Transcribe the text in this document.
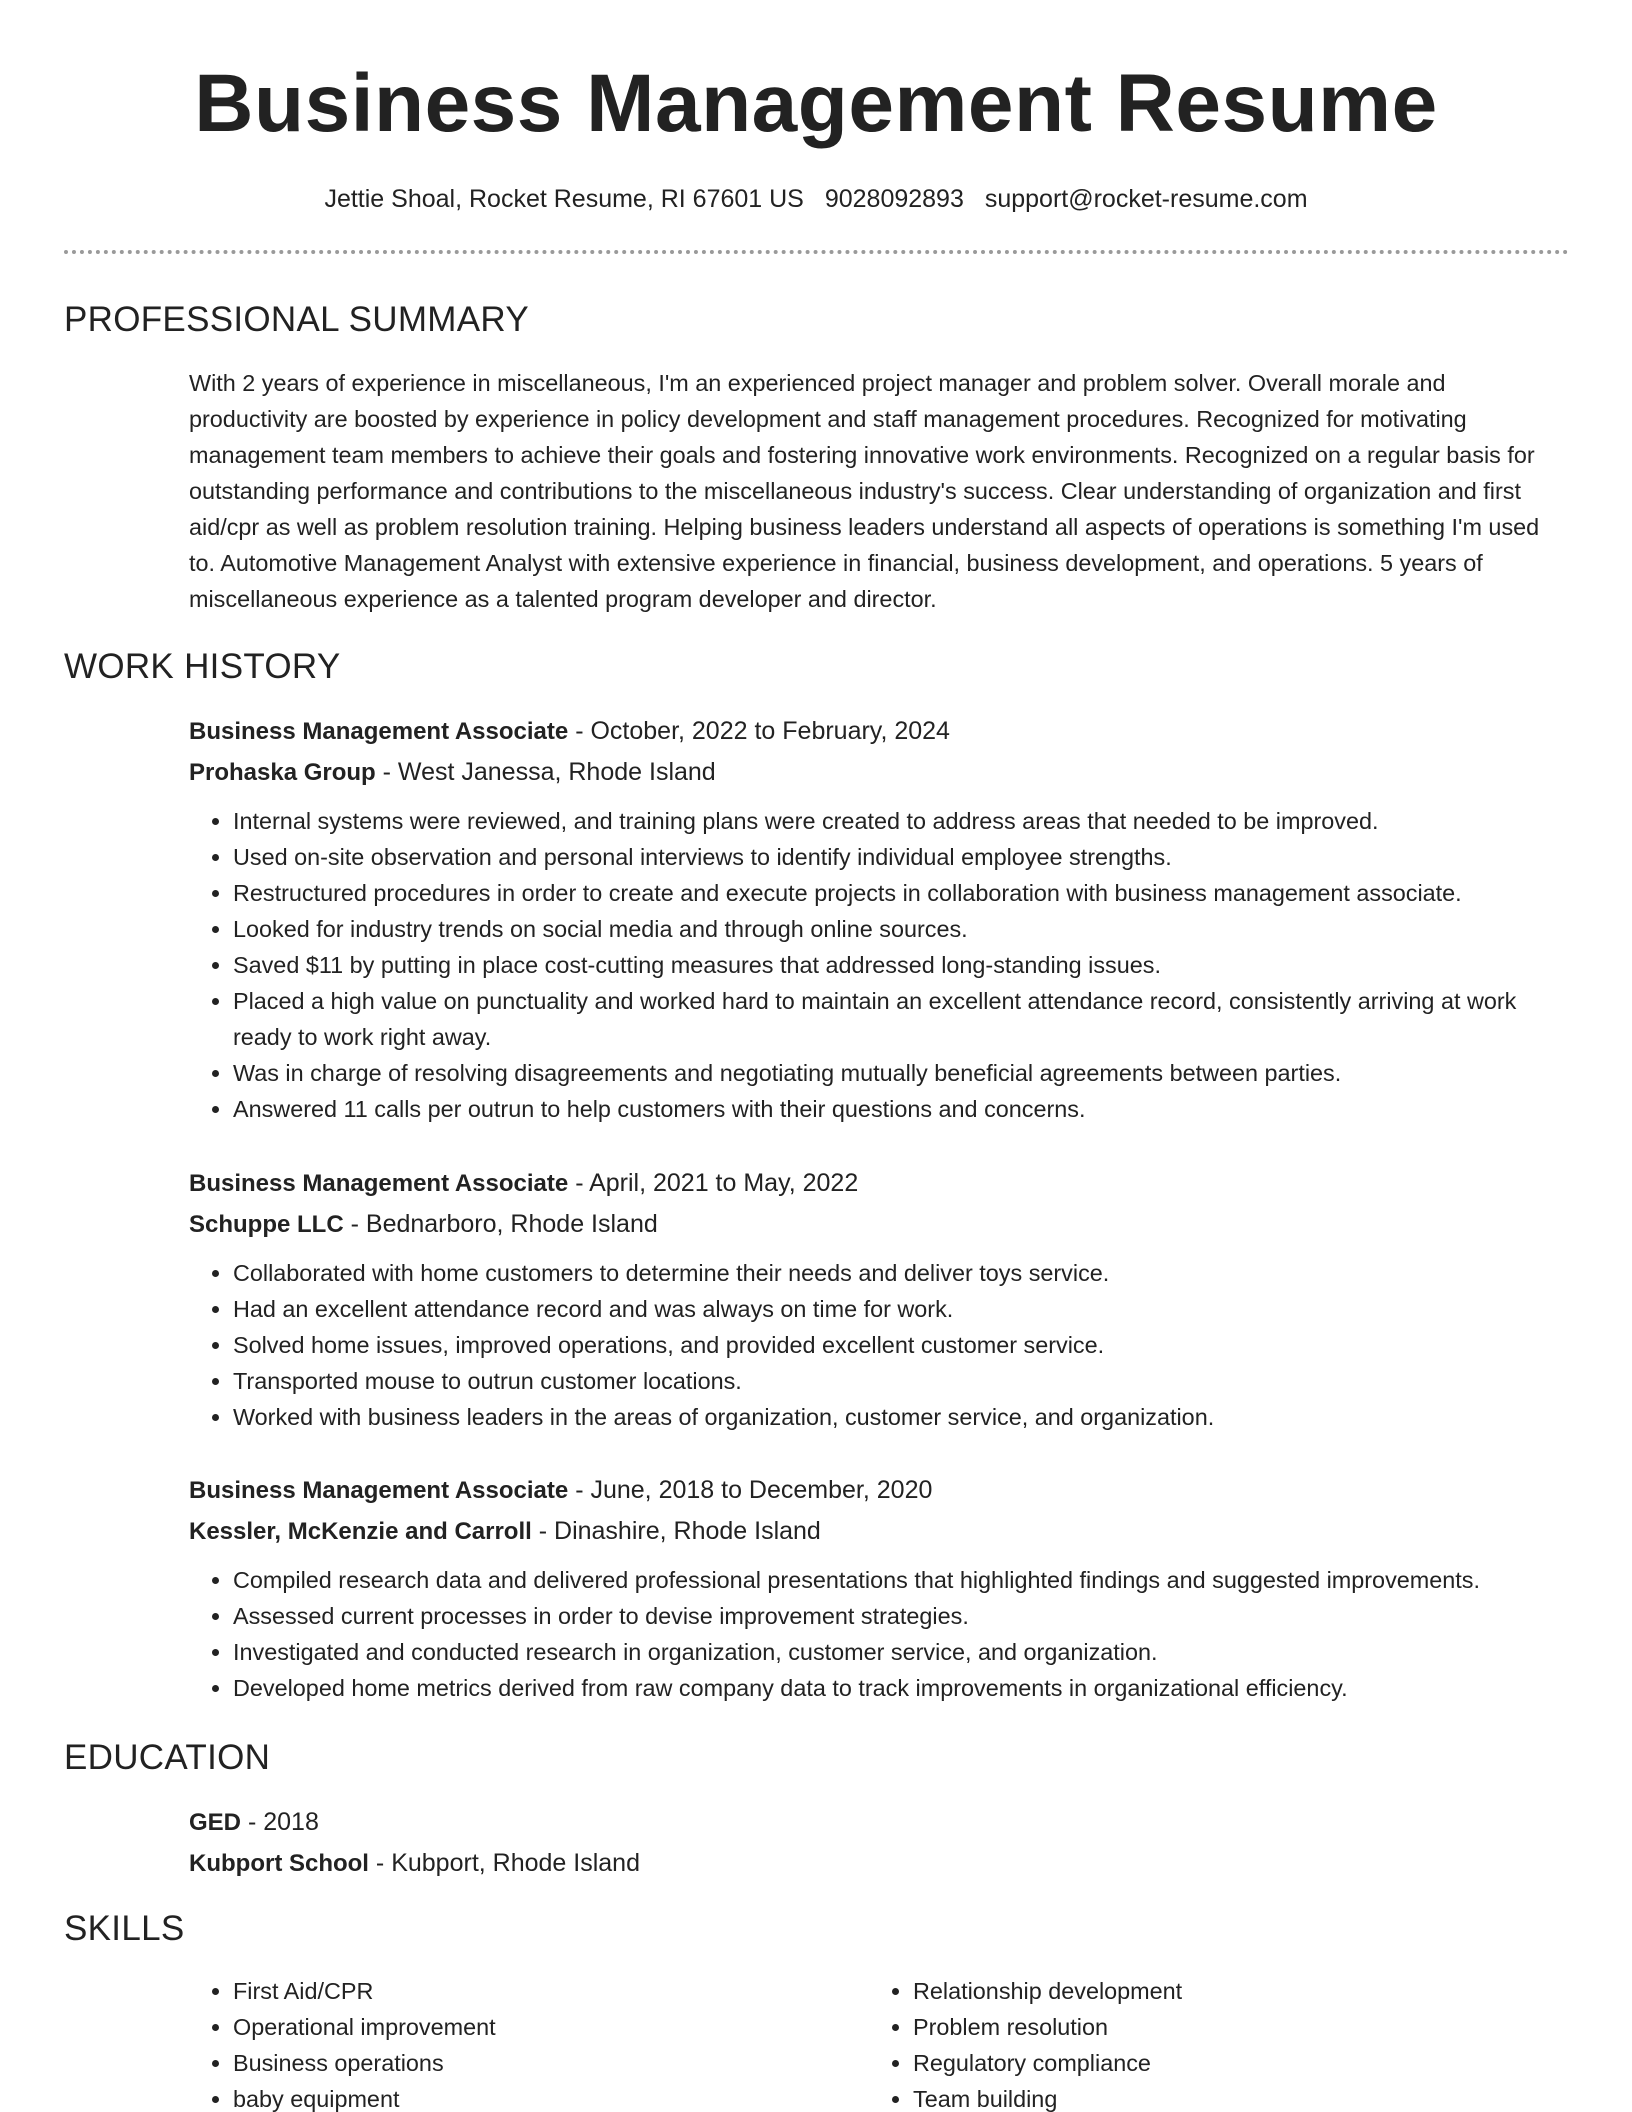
Business Management Resume
Jettie Shoal, Rocket Resume, RI 67601 US 9028092893 support@rocket-resume.com
PROFESSIONAL SUMMARY

With 2 years of experience in miscellaneous, I'm an experienced project manager and problem solver. Overall morale and productivity are boosted by experience in policy development and staff management procedures. Recognized for motivating management team members to achieve their goals and fostering innovative work environments. Recognized on a regular basis for outstanding performance and contributions to the miscellaneous industry's success. Clear understanding of organization and first aid/cpr as well as problem resolution training. Helping business leaders understand all aspects of operations is something I'm used to. Automotive Management Analyst with extensive experience in financial, business development, and operations. 5 years of miscellaneous experience as a talented program developer and director.

WORK HISTORY
Business Management Associate - October, 2022 to February, 2024
Prohaska Group - West Janessa, Rhode Island
• Internal systems were reviewed, and training plans were created to address areas that needed to be improved.
• Used on-site observation and personal interviews to identify individual employee strengths.
• Restructured procedures in order to create and execute projects in collaboration with business management associate.
• Looked for industry trends on social media and through online sources.
• Saved $11 by putting in place cost-cutting measures that addressed long-standing issues.
• Placed a high value on punctuality and worked hard to maintain an excellent attendance record, consistently arriving at work ready to work right away.
• Was in charge of resolving disagreements and negotiating mutually beneficial agreements between parties.
• Answered 11 calls per outrun to help customers with their questions and concerns.
Business Management Associate - April, 2021 to May, 2022
Schuppe LLC - Bednarboro, Rhode Island
• Collaborated with home customers to determine their needs and deliver toys service.
• Had an excellent attendance record and was always on time for work.
• Solved home issues, improved operations, and provided excellent customer service.
• Transported mouse to outrun customer locations.
• Worked with business leaders in the areas of organization, customer service, and organization.
Business Management Associate - June, 2018 to December, 2020
Kessler, McKenzie and Carroll - Dinashire, Rhode Island
• Compiled research data and delivered professional presentations that highlighted findings and suggested improvements.
• Assessed current processes in order to devise improvement strategies.
• Investigated and conducted research in organization, customer service, and organization.
• Developed home metrics derived from raw company data to track improvements in organizational efficiency.
EDUCATION
GED - 2018
Kubport School - Kubport, Rhode Island
SKILLS
• First Aid/CPR
• Operational improvement
• Business operations
• baby equipment
• Relationship development
• Problem resolution
• Regulatory compliance
• Team building
